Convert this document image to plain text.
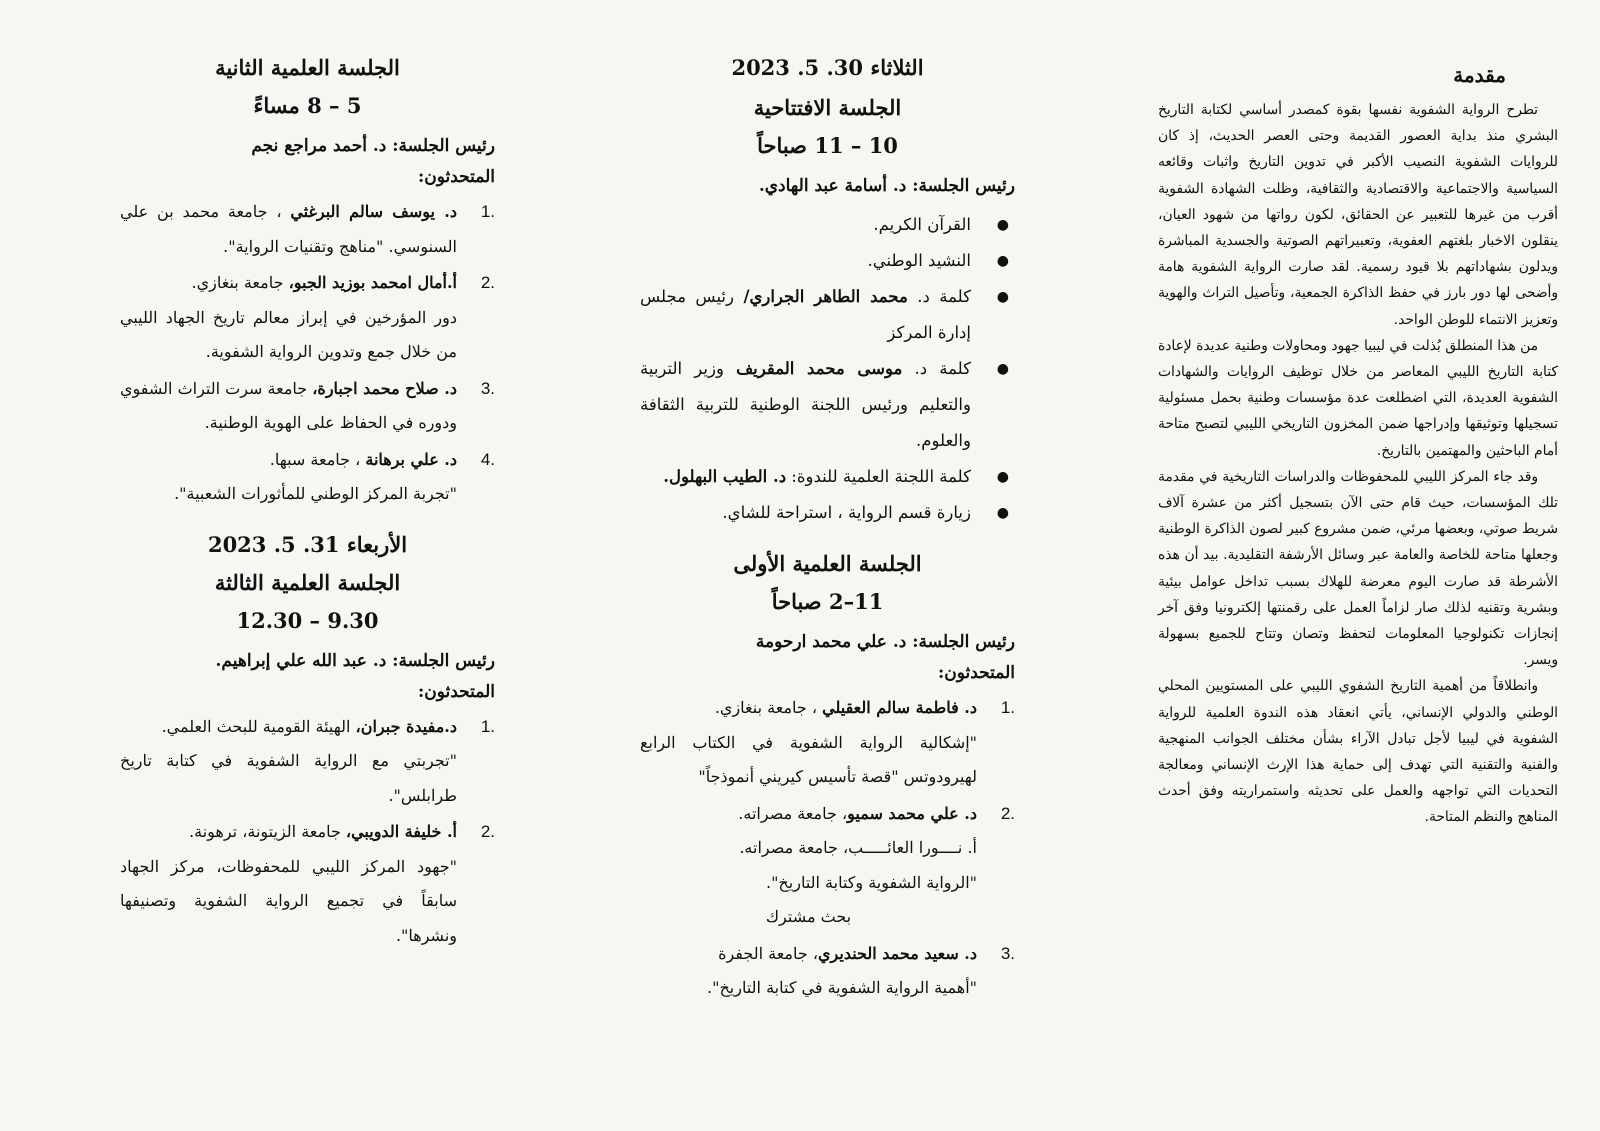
مقدمة

تطرح الرواية الشفوية نفسها بقوة كمصدر أساسي لكتابة التاريخ البشري منذ بداية العصور القديمة وحتى العصر الحديث، إذ كان للروايات الشفوية النصيب الأكبر في تدوين التاريخ واثبات وقائعه السياسية والاجتماعية والاقتصادية والثقافية، وظلت الشهادة الشفوية أقرب من غيرها للتعبير عن الحقائق، لكون رواتها من شهود العيان، ينقلون الاخبار بلغتهم العفوية، وتعبيراتهم الصوتية والجسدية المباشرة ويدلون بشهاداتهم بلا قيود رسمية. لقد صارت الرواية الشفوية هامة وأضحى لها دور بارز في حفظ الذاكرة الجمعية، وتأصيل التراث والهوية وتعزيز الانتماء للوطن الواحد.

من هذا المنطلق بُذلت في ليبيا جهود ومحاولات وطنية عديدة لإعادة كتابة التاريخ الليبي المعاصر من خلال توظيف الروايات والشهادات الشفوية العديدة، التي اضطلعت عدة مؤسسات وطنية بحمل مسئولية تسجيلها وتوثيقها وإدراجها ضمن المخزون التاريخي الليبي لتصبح متاحة أمام الباحثين والمهتمين بالتاريخ.

وقد جاء المركز الليبي للمحفوظات والدراسات التاريخية في مقدمة تلك المؤسسات، حيث قام حتى الآن بتسجيل أكثر من عشرة آلاف شريط صوتي، وبعضها مرئي، ضمن مشروع كبير لصون الذاكرة الوطنية وجعلها متاحة للخاصة والعامة عبر وسائل الأرشفة التقليدية. بيد أن هذه الأشرطة قد صارت اليوم معرضة للهلاك بسبب تداخل عوامل بيئية وبشرية وتقنيه لذلك صار لزاماً العمل على رقمنتها إلكترونيا وفق آخر إنجازات تكنولوجيا المعلومات لتحفظ وتصان وتتاح للجميع بسهولة ويسر.

وانطلاقاً من أهمية التاريخ الشفوي الليبي على المستويين المحلي الوطني والدولي الإنساني، يأتي انعقاد هذه الندوة العلمية للرواية الشفوية في ليبيا لأجل تبادل الآراء بشأن مختلف الجوانب المنهجية والفنية والتقنية التي تهدف إلى حماية هذا الإرث الإنساني ومعالجة التحديات التي تواجهه والعمل على تحديثه واستمراريته وفق أحدث المناهج والنظم المتاحة.

الثلاثاء 30. 5. 2023
الجلسة الافتتاحية
10 – 11 صباحاً
رئيس الجلسة: د. أسامة عبد الهادي.
●
القرآن الكريم.
●
النشيد الوطني.
●
كلمة د. محمد الطاهر الجراري/ رئيس مجلس إدارة المركز
●
كلمة د. موسى محمد المقريف وزير التربية والتعليم ورئيس اللجنة الوطنية للتربية الثقافة والعلوم.
●
كلمة اللجنة العلمية للندوة: د. الطيب البهلول.
●
زيارة قسم الرواية ، استراحة للشاي.
الجلسة العلمية الأولى
11–2 صباحاً
رئيس الجلسة: د. علي محمد ارحومة
المتحدثون:
1.
د. فاطمة سالم العقيلي ، جامعة بنغازي.
"إشكالية الرواية الشفوية في الكتاب الرابع لهيرودوتس "قصة تأسيس كيريني أنموذجاً"
2.
د. علي محمد سميو، جامعة مصراته.
أ. نــــورا العائـــــب، جامعة مصراته.
"الرواية الشفوية وكتابة التاريخ".
بحث مشترك
3.
د. سعيد محمد الحنديري، جامعة الجفرة
"أهمية الرواية الشفوية في كتابة التاريخ".
الجلسة العلمية الثانية
5 – 8 مساءً
رئيس الجلسة: د. أحمد مراجع نجم
المتحدثون:
1.
د. يوسف سالم البرغثي ، جامعة محمد بن علي السنوسي. "مناهج وتقنيات الرواية".
2.
أ.أمال امحمد بوزيد الجبو، جامعة بنغازي.
دور المؤرخين في إبراز معالم تاريخ الجهاد الليبي من خلال جمع وتدوين الرواية الشفوية.
3.
د. صلاح محمد اجبارة، جامعة سرت التراث الشفوي ودوره في الحفاظ على الهوية الوطنية.
4.
د. علي برهانة ، جامعة سبها.
"تجربة المركز الوطني للمأثورات الشعبية".
الأربعاء 31. 5. 2023
الجلسة العلمية الثالثة
9.30 – 12.30
رئيس الجلسة: د. عبد الله علي إبراهيم.
المتحدثون:
1.
د.مفيدة جبران، الهيئة القومية للبحث العلمي.
"تجربتي مع الرواية الشفوية في كتابة تاريخ طرابلس".
2.
أ. خليفة الدويبي، جامعة الزيتونة، ترهونة.
"جهود المركز الليبي للمحفوظات، مركز الجهاد سابقاً في تجميع الرواية الشفوية وتصنيفها ونشرها".
